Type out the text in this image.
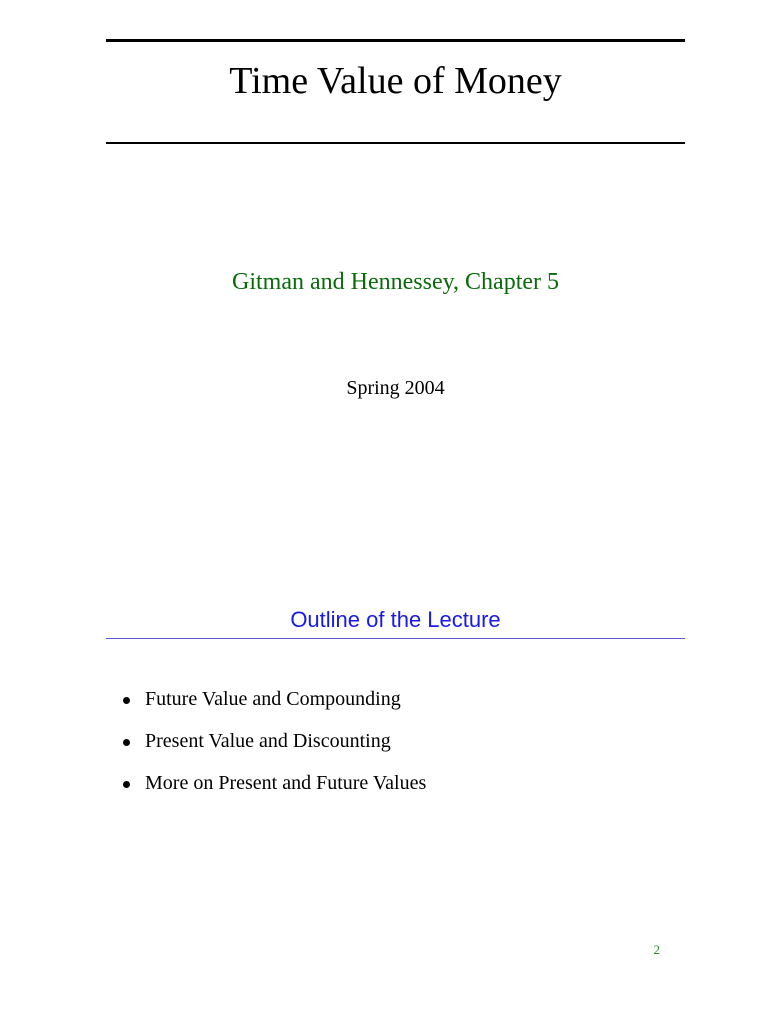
Time Value of Money
Gitman and Hennessey, Chapter 5
Spring 2004
Outline of the Lecture
Future Value and Compounding
Present Value and Discounting
More on Present and Future Values
2
